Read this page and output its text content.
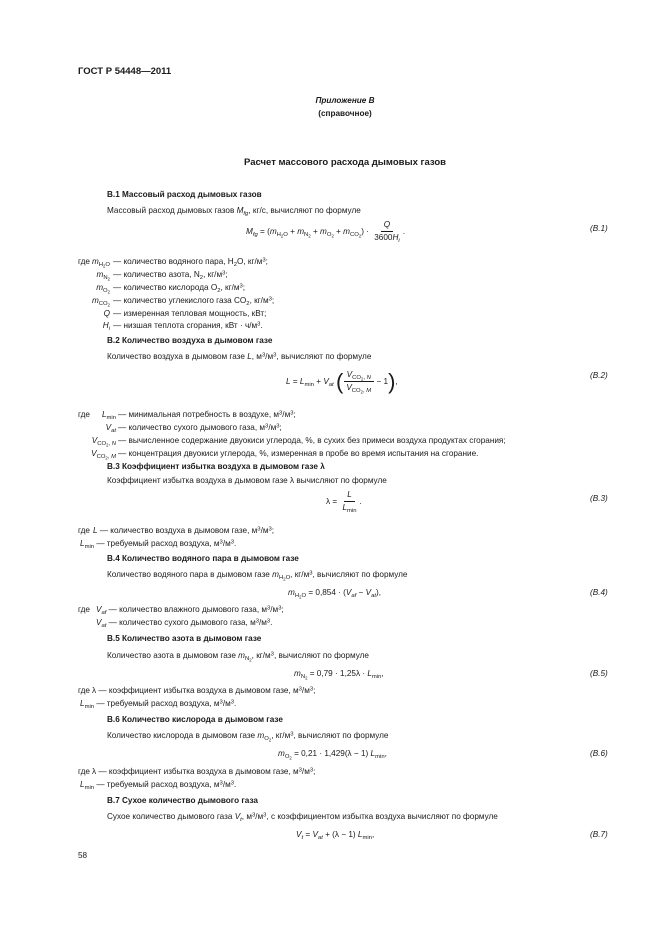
ГОСТ Р 54448—2011
Приложение В
(справочное)
Расчет массового расхода дымовых газов
В.1 Массовый расход дымовых газов
Массовый расход дымовых газов $M_{fg}$, кг/с, вычисляют по формуле
$M_{fg} = (m_{H_2O} + m_{N_2} + m_{O_2} + m_{CO_2}) \cdot \frac{Q}{3600H_i}$ .	(В.1)
где $m_{H_2O}$ — количество водяного пара, $H_2O$, $кг/м^3$;
$m_{N_2}$
— количество азота, $N_2$, $кг/м^3$;
$m_{O_2}$
— количество кислорода $O_2$, $кг/м^3$;
$m_{CO_2}$
— количество углекислого газа $CO_2$, $кг/м^3$;
Q — измеренная тепловая мощность, кВт;
$H_i$ — низшая теплота сгорания, кВт · $ч/м^3$.
В.2 Количество воздуха в дымовом газе
Количество воздуха в дымовом газе L, $м^3/м^3$, вычисляют по формуле
$L = L_{min} + V_{at}$ ( $\frac{V_{CO_2, N}}{V_{CO_2, M}} - 1$),
(В.2)
где	$L_{min}$ — минимальная потребность в воздухе, $м^3/м^3$;
$V_{at}$ — количество сухого дымового газа, $м^3/м^3$;
$V_{CO_2, N}$ — вычисленное содержание двуокиси углерода, %, в сухих без примеси воздуха продуктах сгорания;
$V_{CO_2, M}$ — концентрация двуокиси углерода, %, измеренная в пробе во время испытания на сгорание.
В.3 Коэффициент избытка воздуха в дымовом газе λ
Коэффициент избытка воздуха в дымовом газе λ вычисляют по формуле
$\lambda = \frac{L}{L_{min}}$ .	(В.3)
где L — количество воздуха в дымовом газе, $м^3/м^3$;
$L_{min}$ — требуемый расход воздуха, $м^3/м^3$.
В.4 Количество водяного пара в дымовом газе
Количество водяного пара в дымовом газе $m_{H_2O}$, $кг/м^3$, вычисляют по формуле
$m_{H_2O} = 0,854 \cdot (V_{af} - V_{at})$,	(В.4)
где $V_{af}$ — количество влажного дымового газа, $м^3/м^3$;
$V_{at}$ — количество сухого дымового газа, $м^3/м^3$.
В.5 Количество азота в дымовом газе
Количество азота в дымовом газе $m_{N_2}$, $кг/м^3$, вычисляют по формуле
$m_{N_2} = 0,79 \cdot 1,25\lambda \cdot L_{min}$,	(В.5)
где λ — коэффициент избытка воздуха в дымовом газе, $м^3/м^3$;
$L_{min}$ — требуемый расход воздуха, $м^3/м^3$.
В.6 Количество кислорода в дымовом газе
Количество кислорода в дымовом газе $m_{O_2}$, $кг/м^3$, вычисляют по формуле
$m_{O_2} = 0,21 \cdot 1,429(\lambda - 1)$ $L_{min}$,	(В.6)
где λ — коэффициент избытка воздуха в дымовом газе, $м^3/м^3$;
$L_{min}$ — требуемый расход воздуха, $м^3/м^3$.
В.7 Сухое количество дымового газа
Сухое количество дымового газа $V_t$, $м^3/м^3$, с коэффициентом избытка воздуха вычисляют по формуле
$V_t = V_{at} + (\lambda - 1)$ $L_{min}$,	(В.7)
58
